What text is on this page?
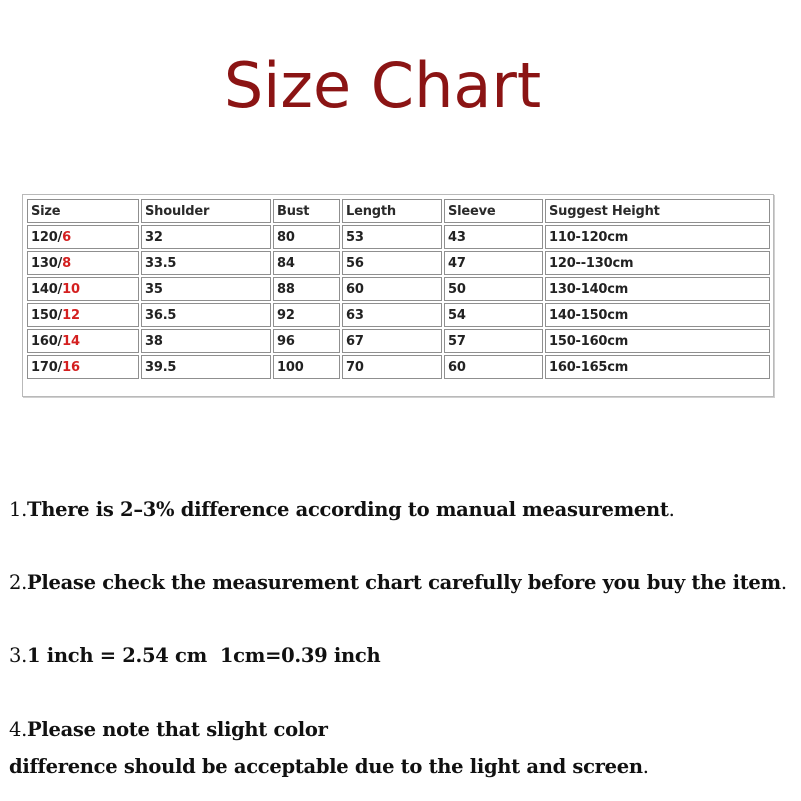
Size Chart
Size	Shoulder	Bust	Length	Sleeve	Suggest Height
120/6	32	80	53	43	110-120cm
130/8	33.5	84	56	47	120--130cm
140/10	35	88	60	50	130-140cm
150/12	36.5	92	63	54	140-150cm
160/14	38	96	67	57	150-160cm
170/16	39.5	100	70	60	160-165cm
1.There is 2–3% difference according to manual measurement.
2.Please check the measurement chart carefully before you buy the item.
3.1 inch = 2.54 cm  1cm=0.39 inch
4.Please note that slight color
difference should be acceptable due to the light and screen.
